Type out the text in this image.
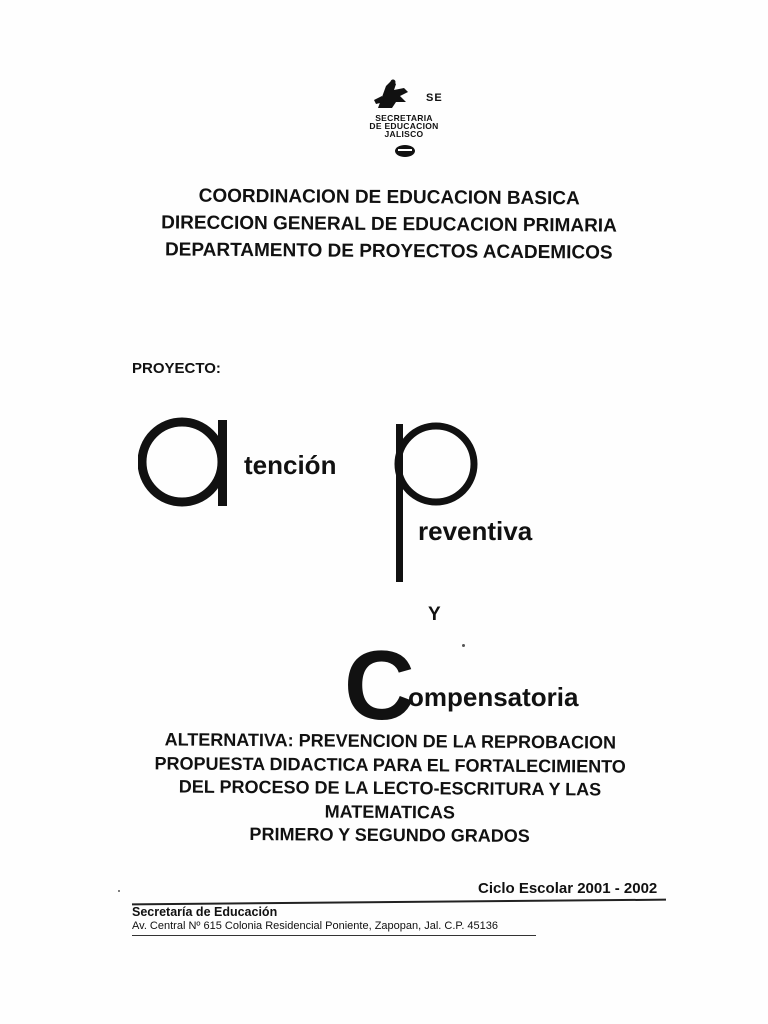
SE
SECRETARIA
DE EDUCACION
JALISCO
COORDINACION DE EDUCACION BASICA
DIRECCION GENERAL DE EDUCACION PRIMARIA
DEPARTAMENTO DE PROYECTOS ACADEMICOS
PROYECTO:
tención
reventiva
Y
C
ompensatoria
ALTERNATIVA: PREVENCION DE LA REPROBACION
PROPUESTA DIDACTICA PARA EL FORTALECIMIENTO
DEL PROCESO DE LA LECTO-ESCRITURA Y LAS
MATEMATICAS
PRIMERO Y SEGUNDO GRADOS
Ciclo Escolar 2001 - 2002
Secretaría de Educación
Av. Central Nº 615 Colonia Residencial Poniente, Zapopan, Jal. C.P. 45136
